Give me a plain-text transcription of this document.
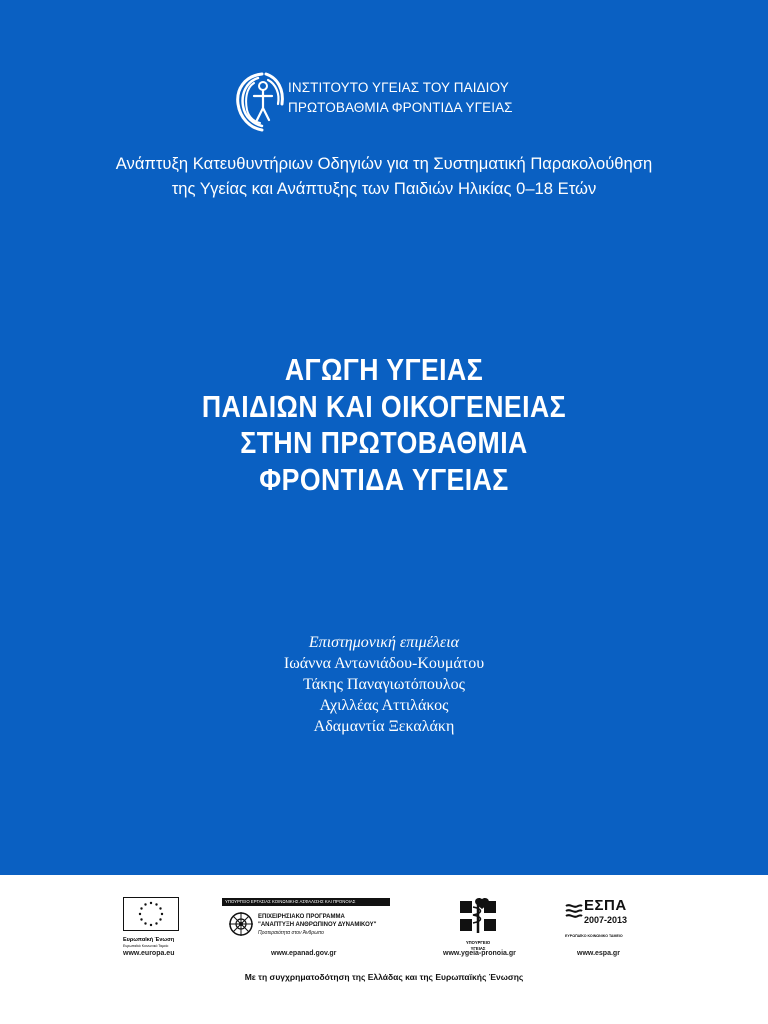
ΙΝΣΤΙΤΟΥΤΟ ΥΓΕΙΑΣ ΤΟΥ ΠΑΙΔΙΟΥ
ΠΡΩΤΟΒΑΘΜΙΑ ΦΡΟΝΤΙΔΑ ΥΓΕΙΑΣ
Ανάπτυξη Κατευθυντήριων Οδηγιών για τη Συστηματική Παρακολούθηση
της Υγείας και Ανάπτυξης των Παιδιών Ηλικίας 0–18 Ετών
ΑΓΩΓΗ ΥΓΕΙΑΣ
ΠΑΙΔΙΩΝ ΚΑΙ ΟΙΚΟΓΕΝΕΙΑΣ
ΣΤΗΝ ΠΡΩΤΟΒΑΘΜΙΑ
ΦΡΟΝΤΙΔΑ ΥΓΕΙΑΣ
Επιστημονική επιμέλεια
Ιωάννα Αντωνιάδου-Κουμάτου
Τάκης Παναγιωτόπουλος
Αχιλλέας Αττιλάκος
Αδαμαντία Ξεκαλάκη
Ευρωπαϊκή Ένωση
Ευρωπαϊκό Κοινωνικό Ταμείο
ΥΠΟΥΡΓΕΙΟ ΕΡΓΑΣΙΑΣ ΚΟΙΝΩΝΙΚΗΣ ΑΣΦΑΛΙΣΗΣ ΚΑΙ ΠΡΟΝΟΙΑΣ
ΕΠΙΧΕΙΡΗΣΙΑΚΟ ΠΡΟΓΡΑΜΜΑ
"ΑΝΑΠΤΥΞΗ ΑΝΘΡΩΠΙΝΟΥ ΔΥΝΑΜΙΚΟΥ"
Προτεραιότητα στον Άνθρωπο
ΥΠΟΥΡΓΕΙΟ ΥΓΕΙΑΣ
ΕΣΠΑ
2007-2013
ΕΥΡΩΠΑΪΚΟ ΚΟΙΝΩΝΙΚΟ ΤΑΜΕΙΟ
www.europa.eu	www.epanad.gov.gr	www.ygeia-pronoia.gr	www.espa.gr
Με τη συγχρηματοδότηση της Ελλάδας και της Ευρωπαϊκής Ένωσης
